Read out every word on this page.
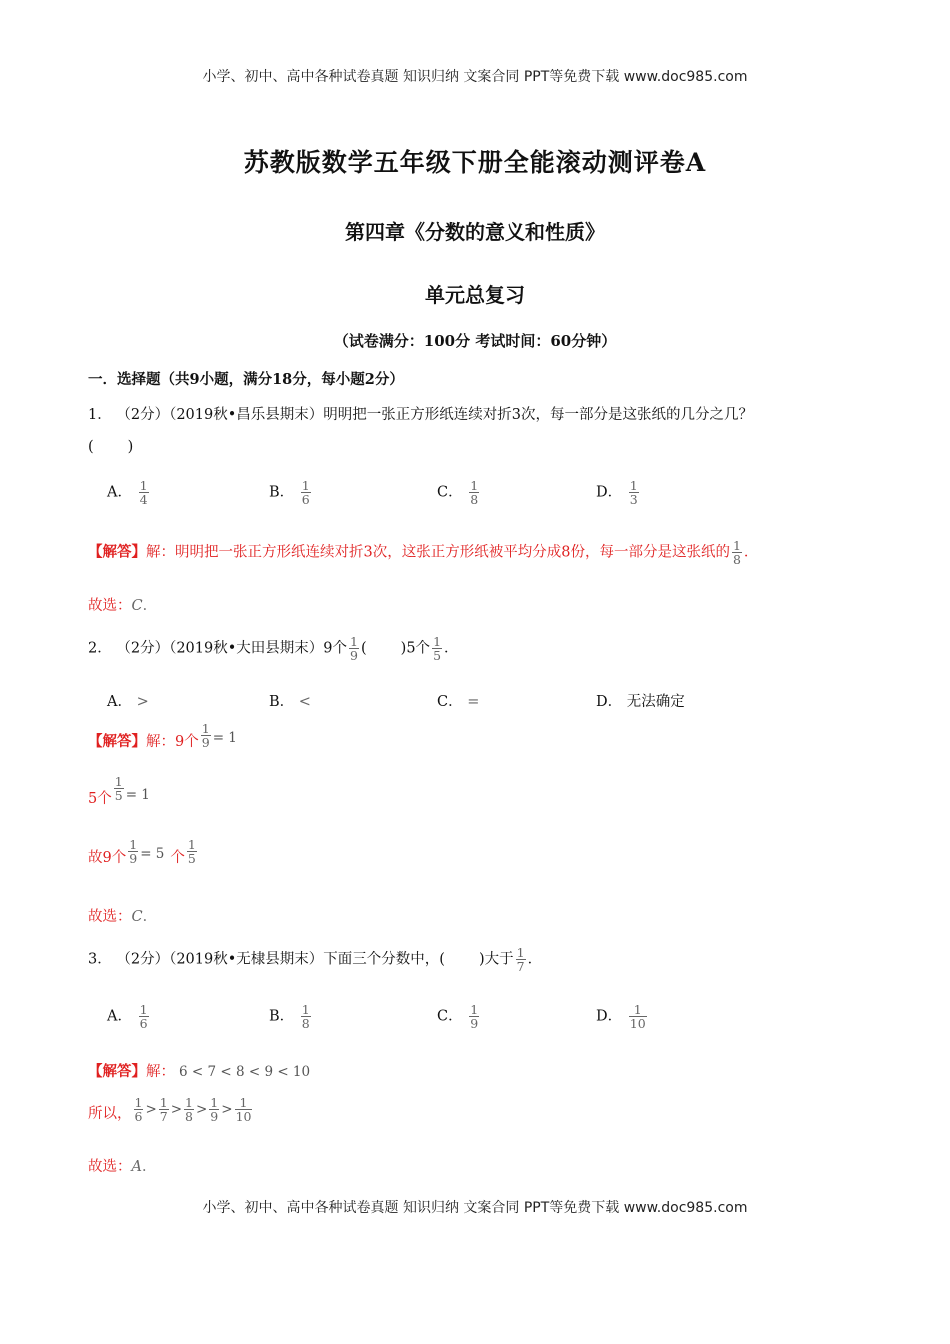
小学、初中、高中各种试卷真题 知识归纳 文案合同 PPT等免费下载 www.doc985.com
苏教版数学五年级下册全能滚动测评卷A
第四章《分数的意义和性质》
单元总复习
（试卷满分：100分 考试时间：60分钟）
一．选择题（共9小题，满分18分，每小题2分）
1． （2分）（2019秋•昌乐县期末）明明把一张正方形纸连续对折3次，每一部分是这张纸的几分之几？
( )
A． $\frac{1}{4}$	B． $\frac{1}{6}$	C． $\frac{1}{8}$	D． $\frac{1}{3}$
【解答】解：明明把一张正方形纸连续对折3次，这张正方形纸被平均分成8份，每一部分是这张纸的 $\frac{1}{8}$ ．
故选：C．
2． （2分）（2019秋•大田县期末）9个 $\frac{1}{9}$ ( )5个 $\frac{1}{5}$ ．
A． >	B． <	C． =	D． 无法确定
【解答】解：9个 $\frac{1}{9} = 1$
5个 $\frac{1}{5} = 1$
故9个 $\frac{1}{9} = 5$ 个 $\frac{1}{5}$
故选：C．
3． （2分）（2019秋•无棣县期末）下面三个分数中，( )大于 $\frac{1}{7}$ ．
A． $\frac{1}{6}$	B． $\frac{1}{8}$	C． $\frac{1}{9}$	D． $\frac{1}{10}$
【解答】解： 6 < 7 < 8 < 9 < 10
所以， $\frac{1}{6} > \frac{1}{7} > \frac{1}{8} > \frac{1}{9} > \frac{1}{10}$
故选：A．
小学、初中、高中各种试卷真题 知识归纳 文案合同 PPT等免费下载 www.doc985.com
